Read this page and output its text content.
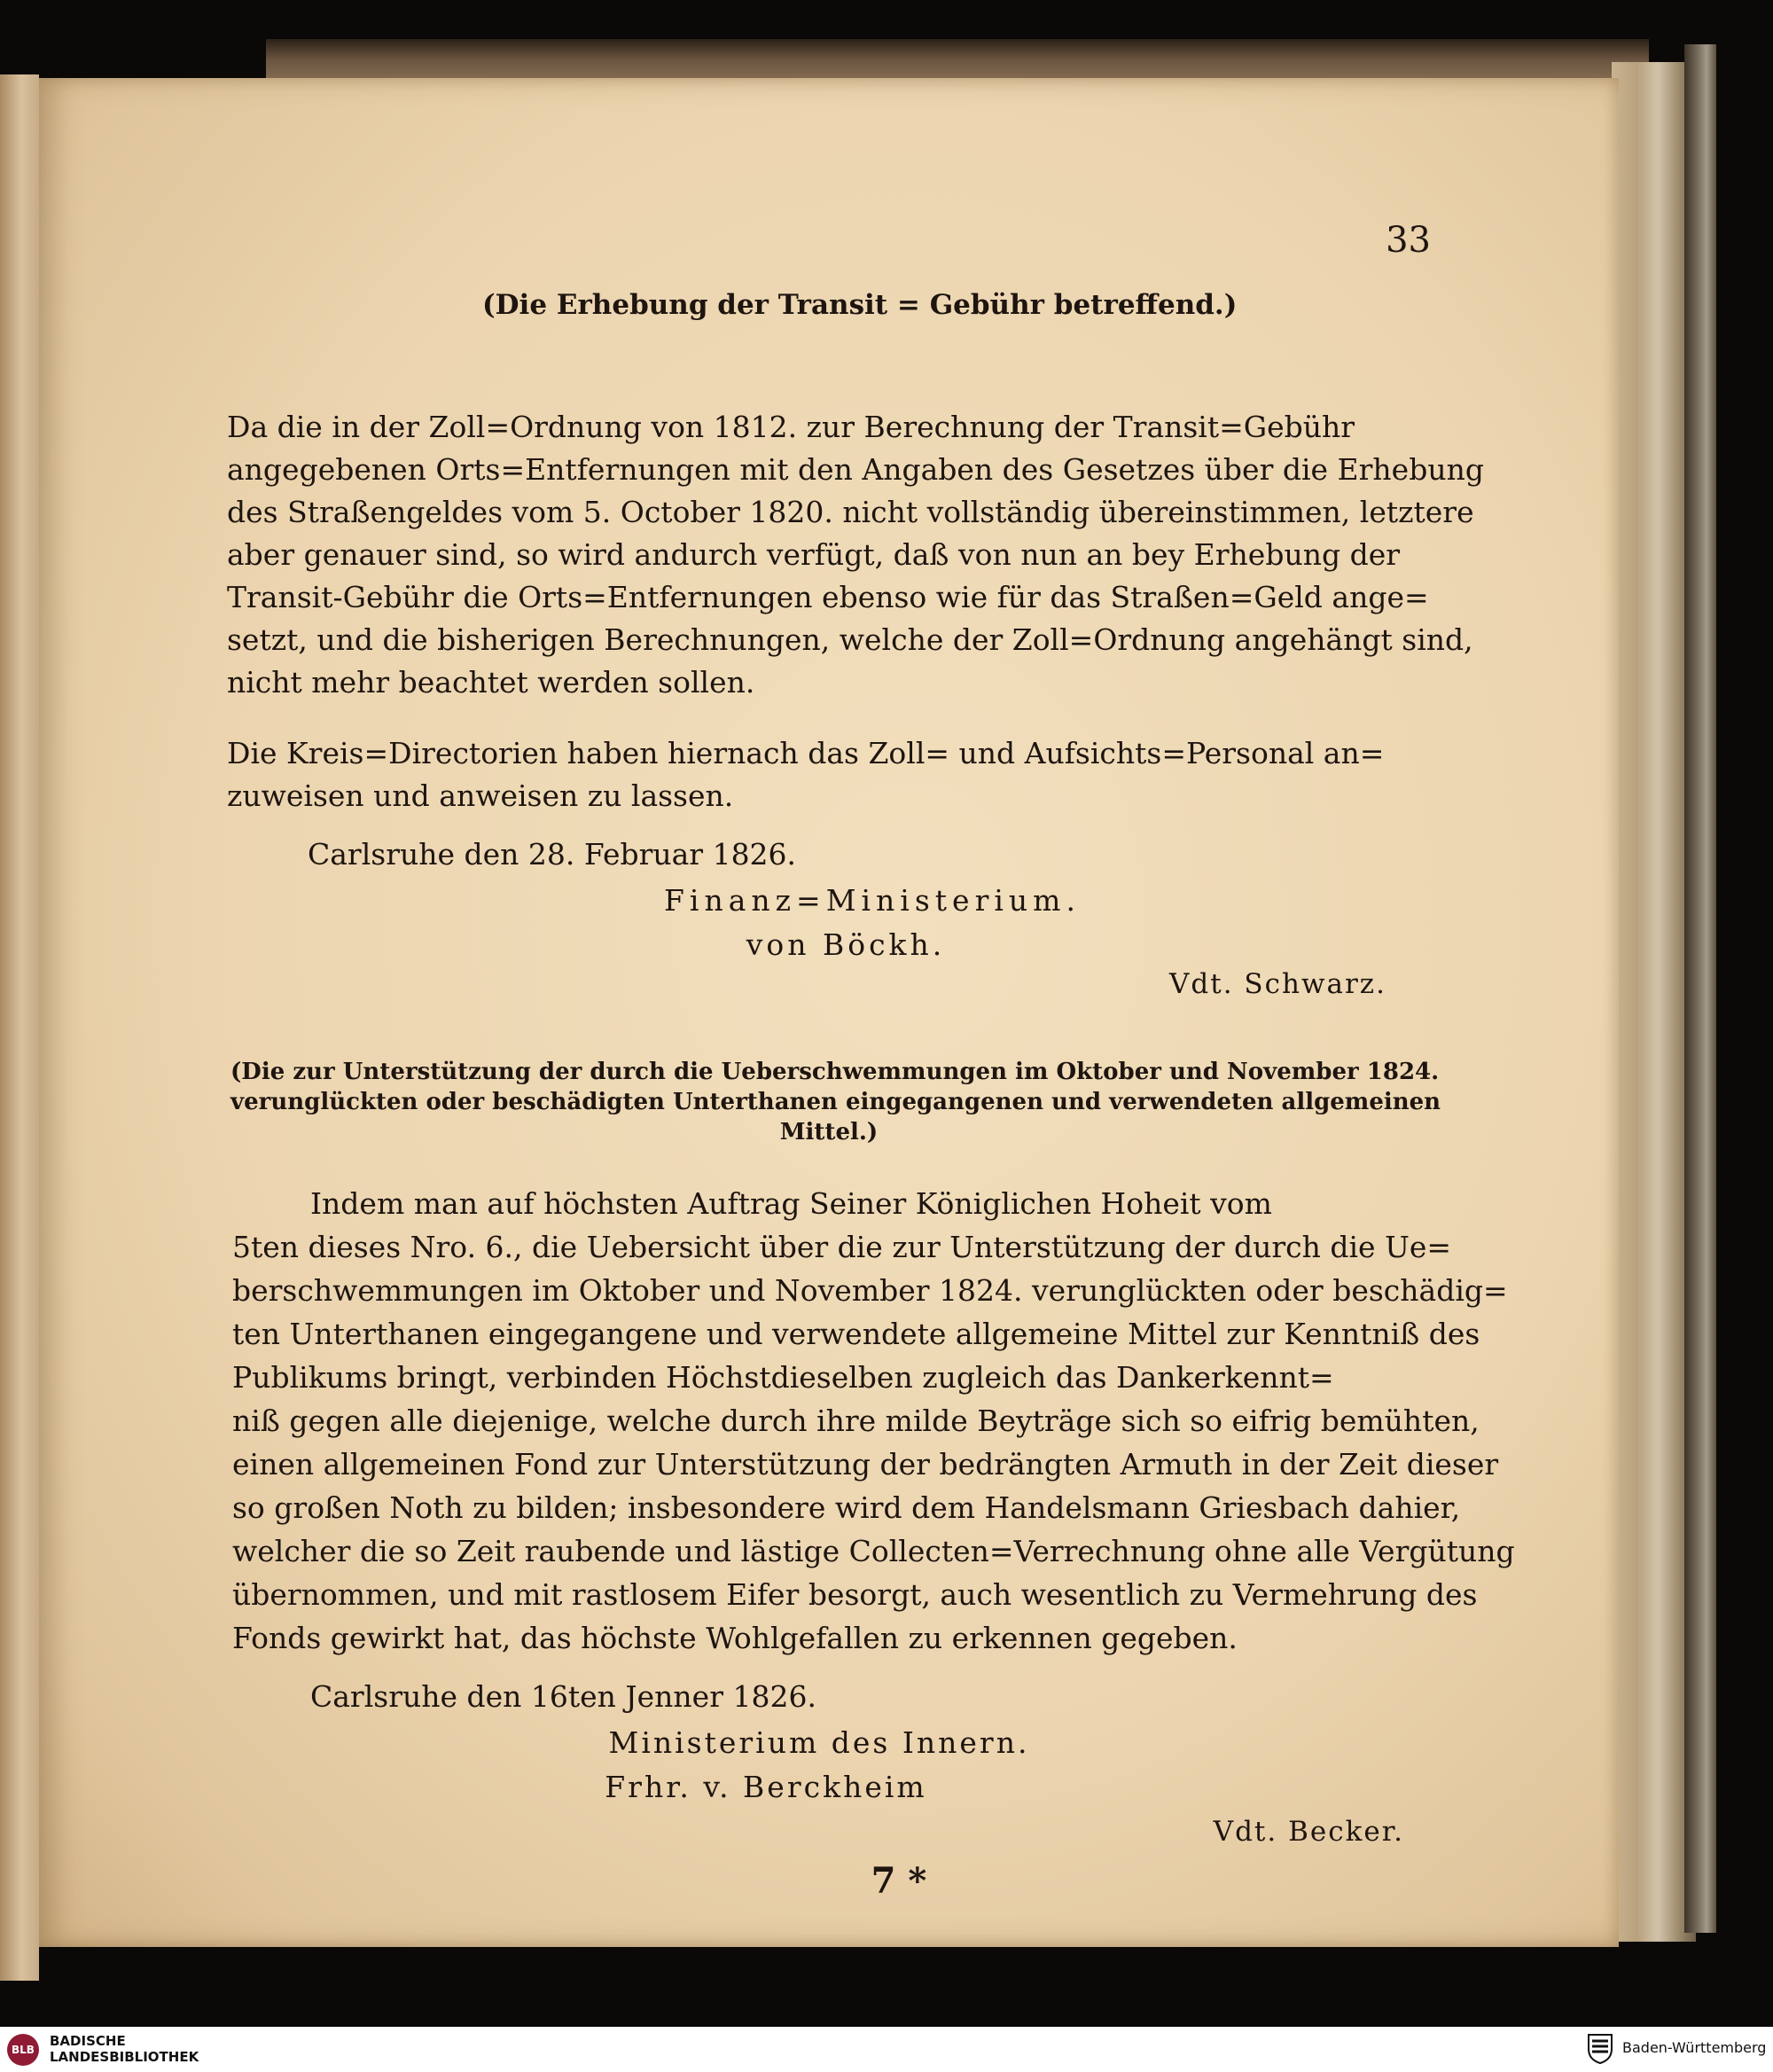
33
(Die Erhebung der Transit = Gebühr betreffend.)
Da die in der Zoll=Ordnung von 1812. zur Berechnung der Transit=Gebühr
angegebenen Orts=Entfernungen mit den Angaben des Gesetzes über die Erhebung
des Straßengeldes vom 5. October 1820. nicht vollständig übereinstimmen, letztere
aber genauer sind, so wird andurch verfügt, daß von nun an bey Erhebung der
Transit-Gebühr die Orts=Entfernungen ebenso wie für das Straßen=Geld ange=
setzt, und die bisherigen Berechnungen, welche der Zoll=Ordnung angehängt sind,
nicht mehr beachtet werden sollen.
Die Kreis=Directorien haben hiernach das Zoll= und Aufsichts=Personal an=
zuweisen und anweisen zu lassen.
Carlsruhe den 28. Februar 1826.
Finanz=Ministerium.
von Böckh.
Vdt. Schwarz.
(Die zur Unterstützung der durch die Ueberschwemmungen im Oktober und November 1824.
verunglückten oder beschädigten Unterthanen eingegangenen und verwendeten allgemeinen
Mittel.)
Indem man auf höchsten Auftrag Seiner Königlichen Hoheit vom
5ten dieses Nro. 6., die Uebersicht über die zur Unterstützung der durch die Ue=
berschwemmungen im Oktober und November 1824. verunglückten oder beschädig=
ten Unterthanen eingegangene und verwendete allgemeine Mittel zur Kenntniß des
Publikums bringt, verbinden Höchstdieselben zugleich das Dankerkennt=
niß gegen alle diejenige, welche durch ihre milde Beyträge sich so eifrig bemühten,
einen allgemeinen Fond zur Unterstützung der bedrängten Armuth in der Zeit dieser
so großen Noth zu bilden; insbesondere wird dem Handelsmann Griesbach dahier,
welcher die so Zeit raubende und lästige Collecten=Verrechnung ohne alle Vergütung
übernommen, und mit rastlosem Eifer besorgt, auch wesentlich zu Vermehrung des
Fonds gewirkt hat, das höchste Wohlgefallen zu erkennen gegeben.
Carlsruhe den 16ten Jenner 1826.
Ministerium des Innern.
Frhr. v. Berckheim
Vdt. Becker.
7 *
BLB
BADISCHE
LANDESBIBLIOTHEK
Baden-Württemberg
